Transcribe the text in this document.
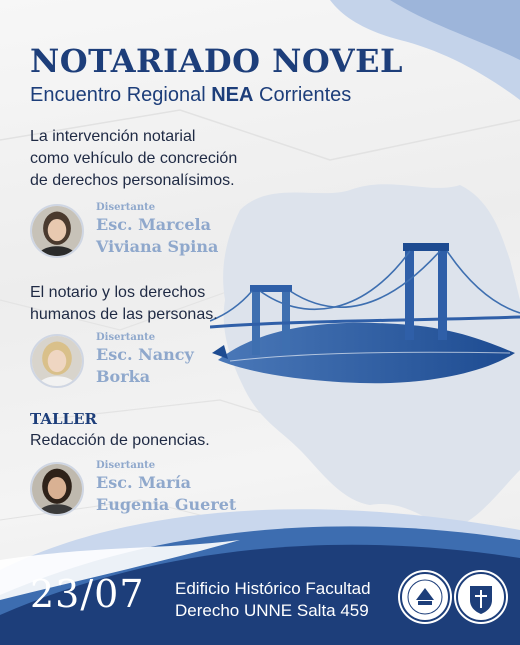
NOTARIADO NOVEL
Encuentro Regional NEA Corrientes
La intervención notarial
como vehículo de concreción
de derechos personalísimos.
Disertante
Esc. Marcela
Viviana Spina
El notario y los derechos
humanos de las personas.
Disertante
Esc. Nancy
Borka
TALLER
Redacción de ponencias.
Disertante
Esc. María
Eugenia Gueret
23/07 Edificio Histórico Facultad
Derecho UNNE Salta 459
